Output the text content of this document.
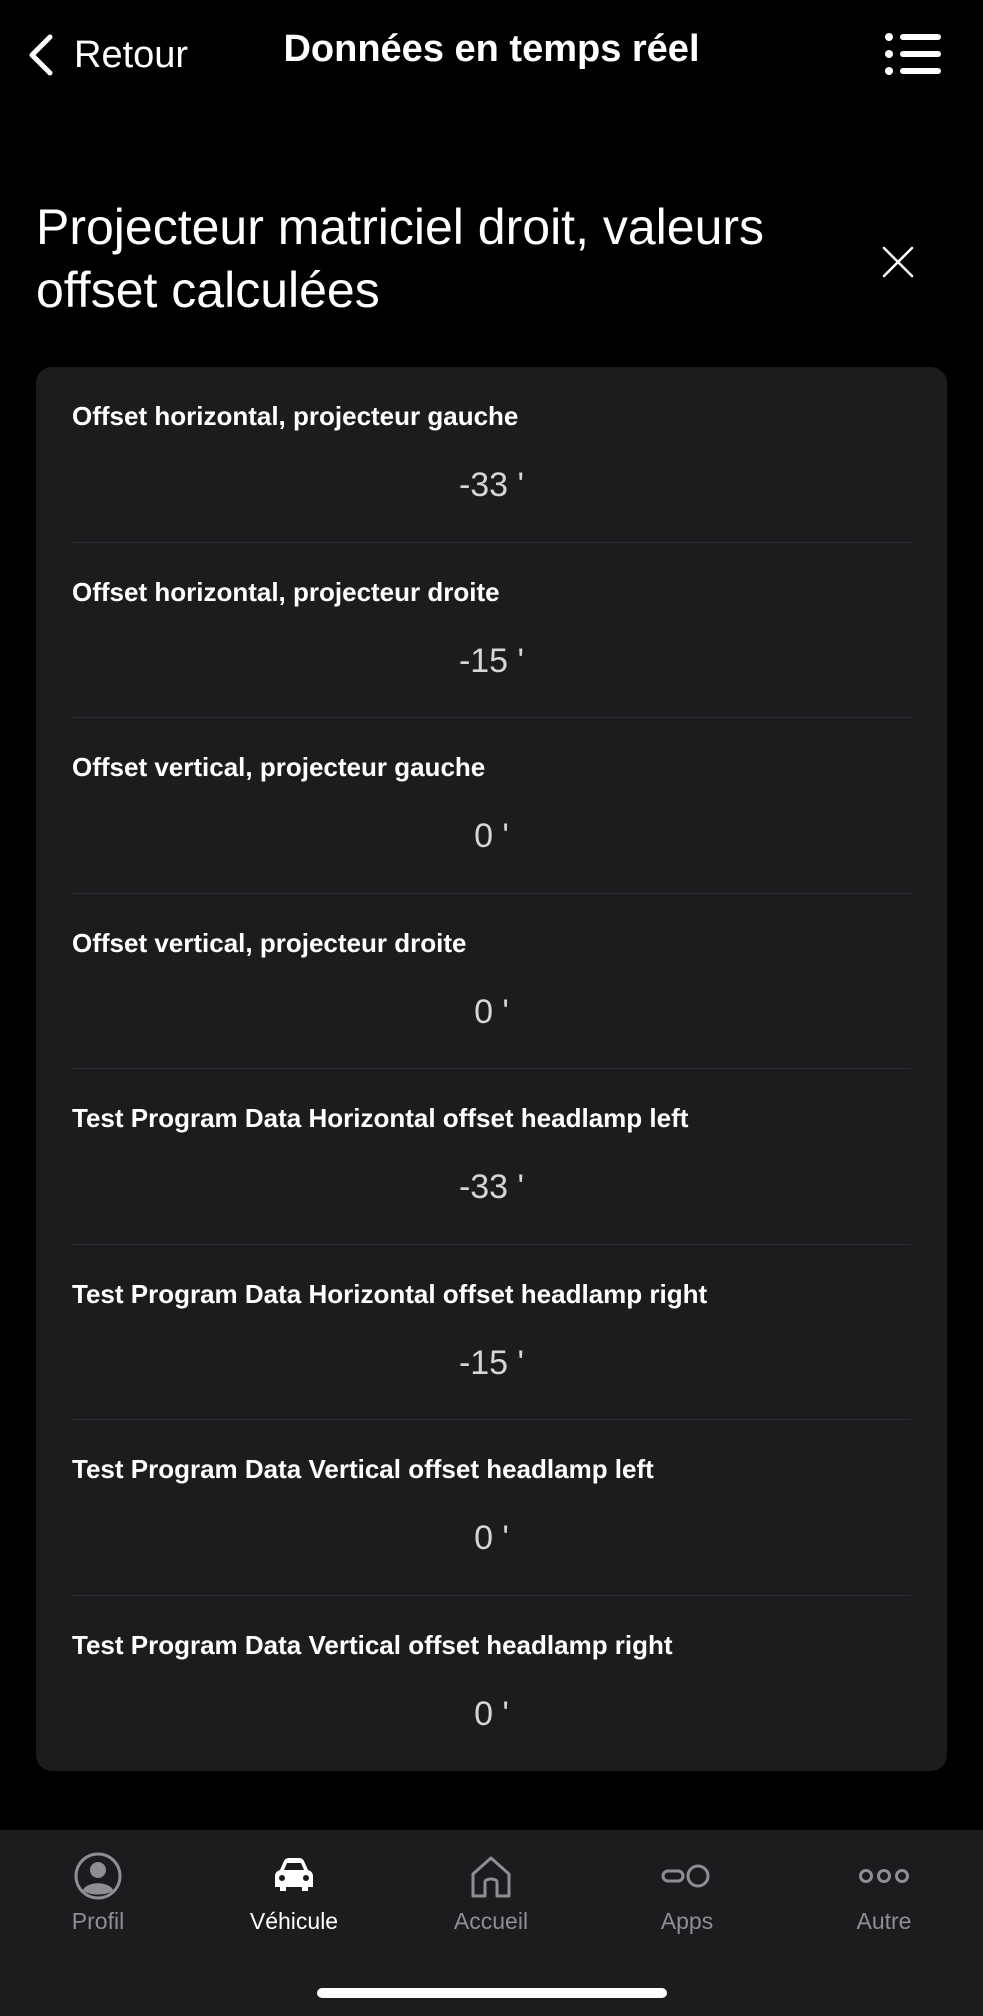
Retour	Données en temps réel
Projecteur matriciel droit, valeurs offset calculées
Offset horizontal, projecteur gauche
-33 '
Offset horizontal, projecteur droite
-15 '
Offset vertical, projecteur gauche
0 '
Offset vertical, projecteur droite
0 '
Test Program Data Horizontal offset headlamp left
-33 '
Test Program Data Horizontal offset headlamp right
-15 '
Test Program Data Vertical offset headlamp left
0 '
Test Program Data Vertical offset headlamp right
0 '
Profil	Véhicule	Accueil	Apps	Autre
